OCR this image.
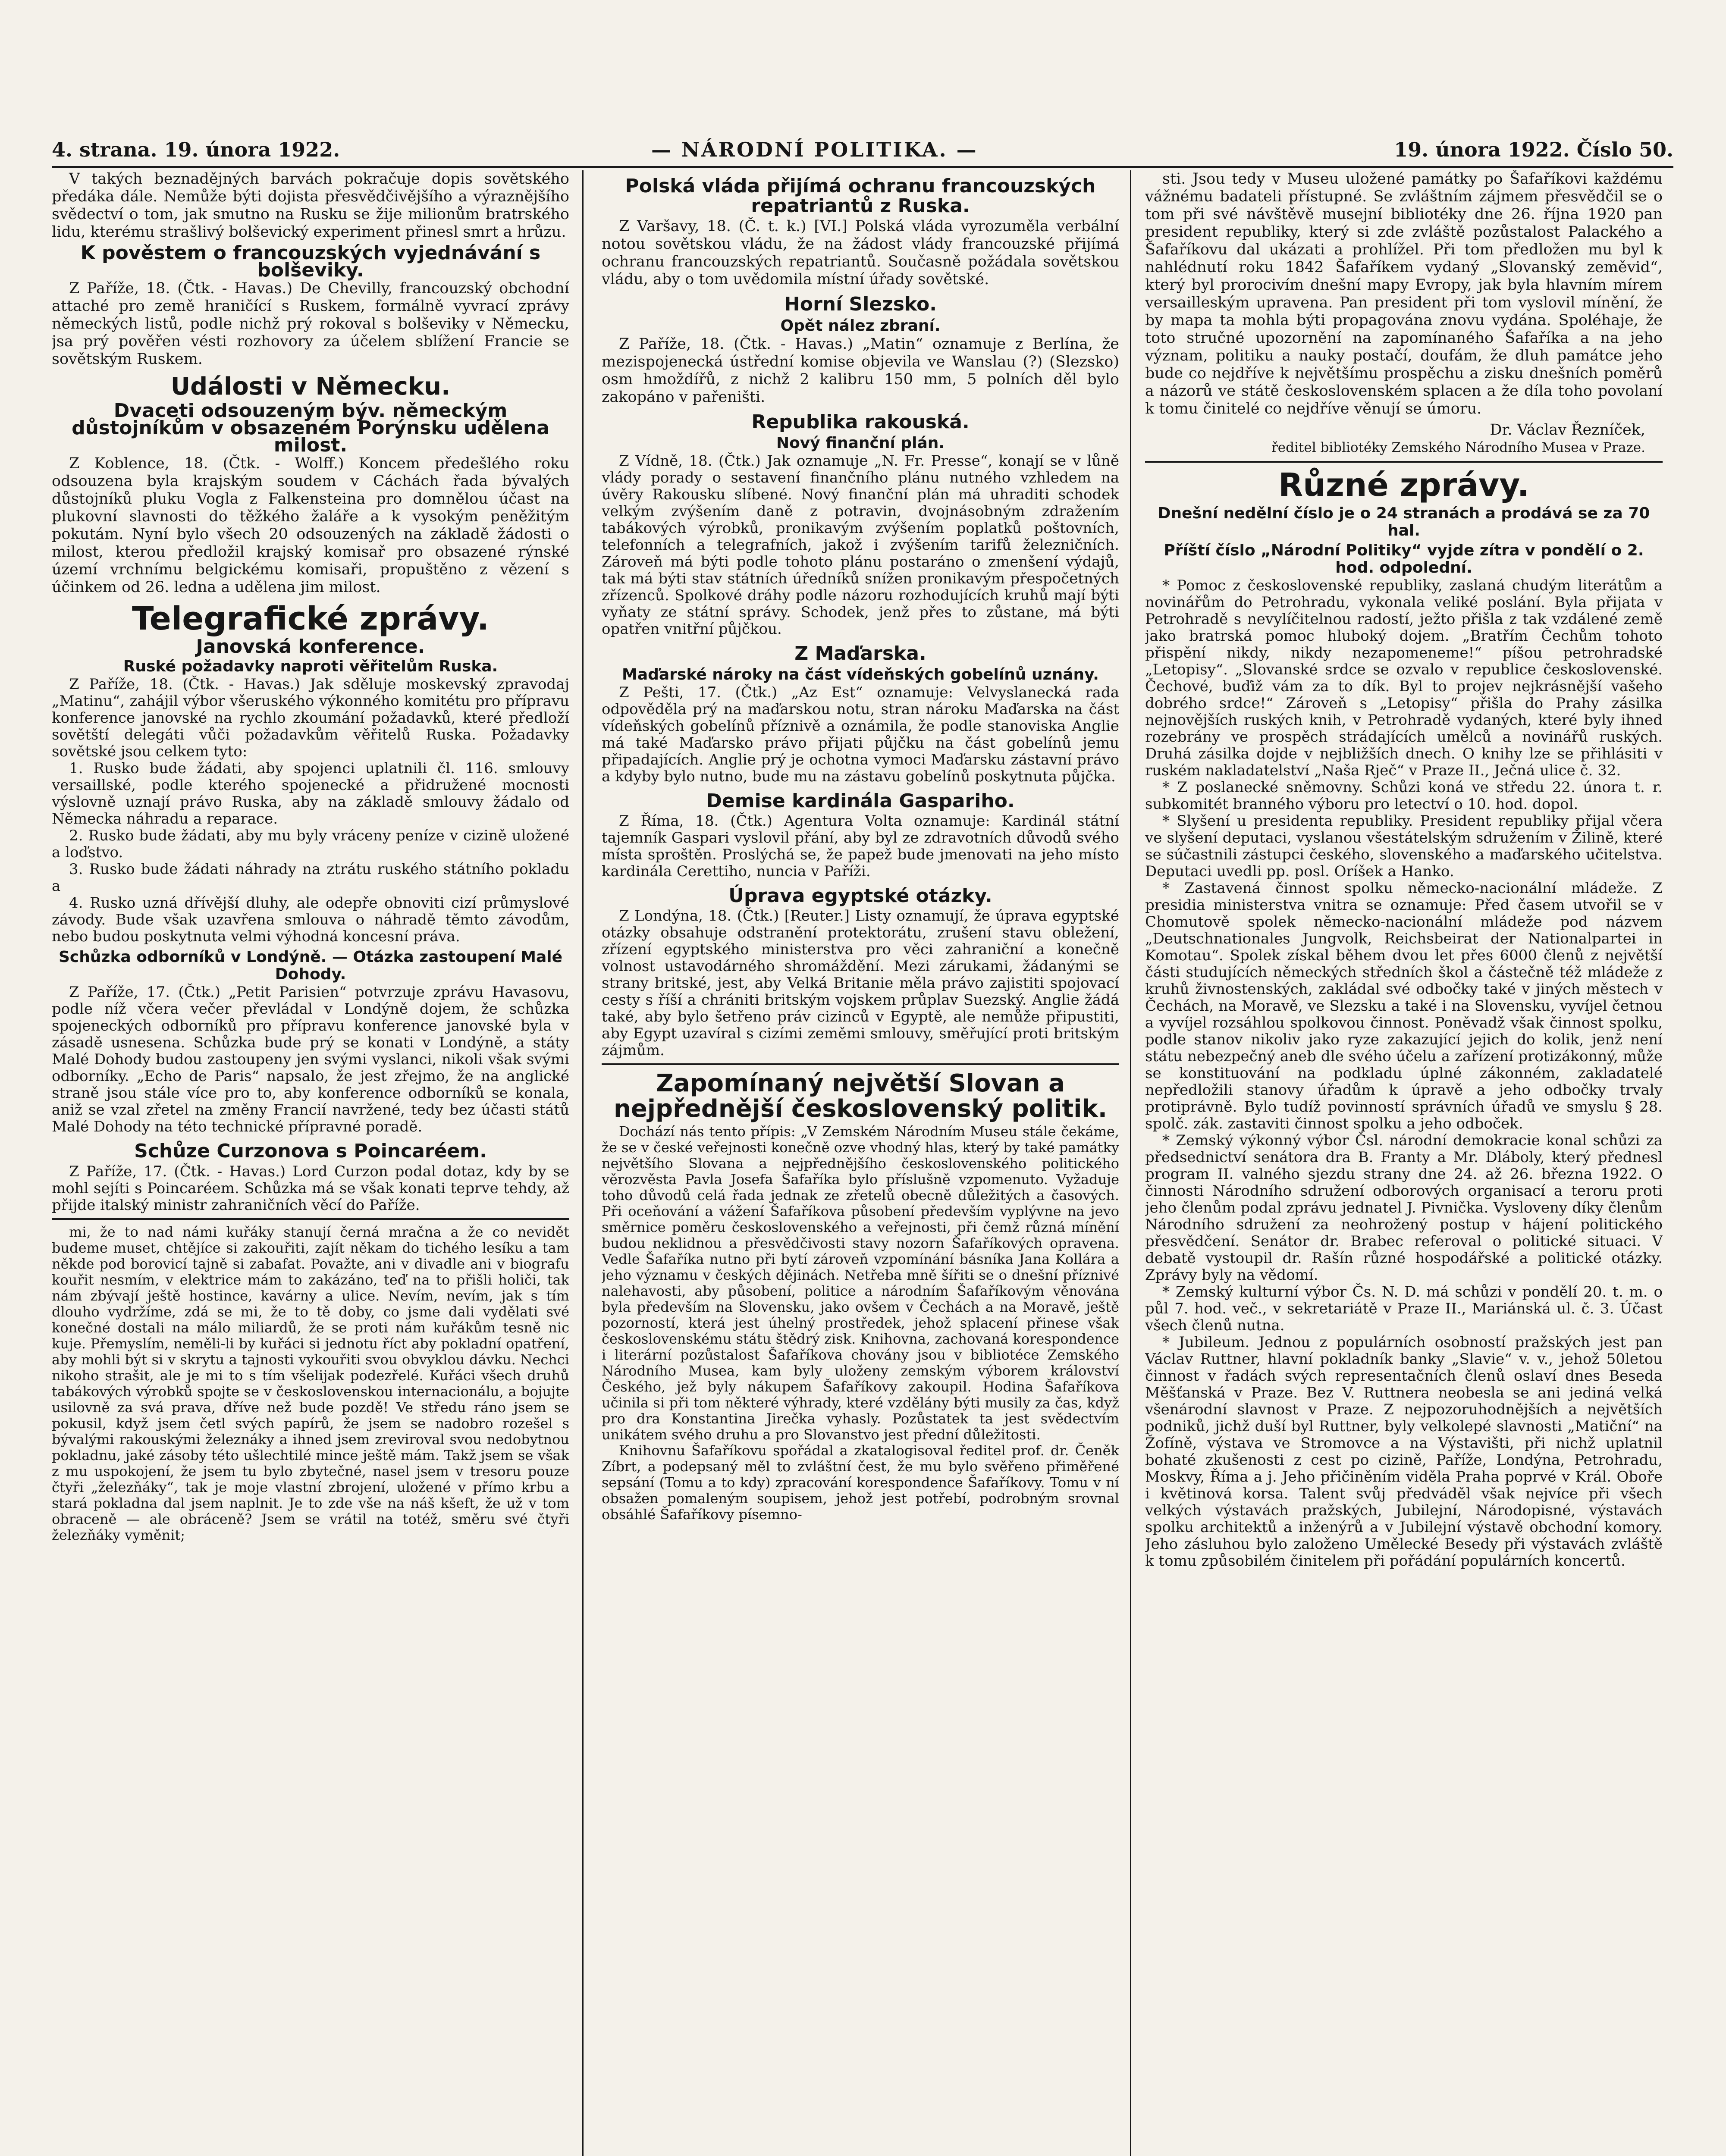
4. strana. 19. února 1922.	— NÁRODNÍ POLITIKA. —	19. února 1922. Číslo 50.

V takých beznadějných barvách pokračuje dopis sovětského předáka dále. Nemůže býti dojista přesvědčivějšího a výraznějšího svědectví o tom, jak smutno na Rusku se žije milionům bratrského lidu, kterému strašlivý bolševický experiment přinesl smrt a hrůzu.

K pověstem o francouzských vyjednávání s bolševiky.

Z Paříže, 18. (Čtk. - Havas.) De Chevilly, francouzský obchodní attaché pro země hraničící s Ruskem, formálně vyvrací zprávy německých listů, podle nichž prý rokoval s bolševiky v Německu, jsa prý pověřen vésti rozhovory za účelem sblížení Francie se sovětským Ruskem.

Události v Německu.
Dvaceti odsouzeným býv. německým důstojníkům v obsazeném Porýnsku udělena milost.

Z Koblence, 18. (Čtk. - Wolff.) Koncem předešlého roku odsouzena byla krajským soudem v Cáchách řada bývalých důstojníků pluku Vogla z Falkensteina pro domnělou účast na plukovní slavnosti do těžkého žaláře a k vysokým peněžitým pokutám. Nyní bylo všech 20 odsouzených na základě žádosti o milost, kterou předložil krajský komisař pro obsazené rýnské území vrchnímu belgickému komisaři, propuštěno z vězení s účinkem od 26. ledna a udělena jim milost.

Telegrafické zprávy.
Janovská konference.
Ruské požadavky naproti věřitelům Ruska.

Z Paříže, 18. (Čtk. - Havas.) Jak sděluje moskevský zpravodaj „Matinu“, zahájil výbor všeruského výkonného komitétu pro přípravu konference janovské na rychlo zkoumání požadavků, které předloží sovětští delegáti vůči požadavkům věřitelů Ruska. Požadavky sovětské jsou celkem tyto:

1. Rusko bude žádati, aby spojenci uplatnili čl. 116. smlouvy versaillské, podle kterého spojenecké a přidružené mocnosti výslovně uznají právo Ruska, aby na základě smlouvy žádalo od Německa náhradu a reparace.

2. Rusko bude žádati, aby mu byly vráceny peníze v cizině uložené a loďstvo.

3. Rusko bude žádati náhrady na ztrátu ruského státního pokladu a

4. Rusko uzná dřívější dluhy, ale odepře obnoviti cizí průmyslové závody. Bude však uzavřena smlouva o náhradě těmto závodům, nebo budou poskytnuta velmi výhodná koncesní práva.

Schůzka odborníků v Londýně. — Otázka zastoupení Malé Dohody.

Z Paříže, 17. (Čtk.) „Petit Parisien“ potvrzuje zprávu Havasovu, podle níž včera večer převládal v Londýně dojem, že schůzka spojeneckých odborníků pro přípravu konference janovské byla v zásadě usnesena. Schůzka bude prý se konati v Londýně, a státy Malé Dohody budou zastoupeny jen svými vyslanci, nikoli však svými odborníky. „Echo de Paris“ napsalo, že jest zřejmo, že na anglické straně jsou stále více pro to, aby konference odborníků se konala, aniž se vzal zřetel na změny Francií navržené, tedy bez účasti států Malé Dohody na této technické přípravné poradě.

Schůze Curzonova s Poincaréem.

Z Paříže, 17. (Čtk. - Havas.) Lord Curzon podal dotaz, kdy by se mohl sejíti s Poincaréem. Schůzka má se však konati teprve tehdy, až přijde italský ministr zahraničních věcí do Paříže.

mi, že to nad námi kuřáky stanují černá mračna a že co nevidět budeme muset, chtějíce si zakouřiti, zajít někam do tichého lesíku a tam někde pod borovicí tajně si zabafat. Považte, ani v divadle ani v biografu kouřit nesmím, v elektrice mám to zakázáno, teď na to přišli holiči, tak nám zbývají ještě hostince, kavárny a ulice. Nevím, nevím, jak s tím dlouho vydržíme, zdá se mi, že to tě doby, co jsme dali vydělati své konečné dostali na málo miliardů, že se proti nám kuřákům tesně nic kuje. Přemyslím, neměli-li by kuřáci si jednotu říct aby pokladní opatření, aby mohli být si v skrytu a tajnosti vykouřiti svou obvyklou dávku. Nechci nikoho strašit, ale je mi to s tím všelijak podezřelé. Kuřáci všech druhů tabákových výrobků spojte se v československou internacionálu, a bojujte usilovně za svá prava, dříve než bude pozdě! Ve středu ráno jsem se pokusil, když jsem četl svých papírů, že jsem se nadobro rozešel s bývalými rakouskými železnáky a ihned jsem zreviroval svou nedobytnou pokladnu, jaké zásoby této ušlechtilé mince ještě mám. Takž jsem se však z mu uspokojení, že jsem tu bylo zbytečné, nasel jsem v tresoru pouze čtyři „železňáky“, tak je moje vlastní zbrojení, uložené v přímo krbu a stará pokladna dal jsem naplnit. Je to zde vše na náš kšeft, že už v tom obraceně — ale obráceně? Jsem se vrátil na totéž, směru své čtyři železňáky vyměnit;

Polská vláda přijímá ochranu francouzských repatriantů z Ruska.

Z Varšavy, 18. (Č. t. k.) [VI.] Polská vláda vyrozuměla verbální notou sovětskou vládu, že na žádost vlády francouzské přijímá ochranu francouzských repatriantů. Současně požádala sovětskou vládu, aby o tom uvědomila místní úřady sovětské.

Horní Slezsko.
Opět nález zbraní.

Z Paříže, 18. (Čtk. - Havas.) „Matin“ oznamuje z Berlína, že mezispojenecká ústřední komise objevila ve Wanslau (?) (Slezsko) osm hmoždířů, z nichž 2 kalibru 150 mm, 5 polních děl bylo zakopáno v pařeništi.

Republika rakouská.
Nový finanční plán.

Z Vídně, 18. (Čtk.) Jak oznamuje „N. Fr. Presse“, konají se v lůně vlády porady o sestavení finančního plánu nutného vzhledem na úvěry Rakousku slíbené. Nový finanční plán má uhraditi schodek velkým zvýšením daně z potravin, dvojnásobným zdražením tabákových výrobků, pronikavým zvýšením poplatků poštovních, telefonních a telegrafních, jakož i zvýšením tarifů železničních. Zároveň má býti podle tohoto plánu postaráno o zmenšení výdajů, tak má býti stav státních úředníků snížen pronikavým přespočetných zřízenců. Spolkové dráhy podle názoru rozhodujících kruhů mají býti vyňaty ze státní správy. Schodek, jenž přes to zůstane, má býti opatřen vnitřní půjčkou.

Z Maďarska.
Maďarské nároky na část vídeňských gobelínů uznány.

Z Pešti, 17. (Čtk.) „Az Est“ oznamuje: Velvyslanecká rada odpověděla prý na maďarskou notu, stran nároku Maďarska na část vídeňských gobelínů příznivě a oznámila, že podle stanoviska Anglie má také Maďarsko právo přijati půjčku na část gobelínů jemu připadajících. Anglie prý je ochotna vymoci Maďarsku zástavní právo a kdyby bylo nutno, bude mu na zástavu gobelínů poskytnuta půjčka.

Demise kardinála Gaspariho.

Z Říma, 18. (Čtk.) Agentura Volta oznamuje: Kardinál státní tajemník Gaspari vyslovil přání, aby byl ze zdravotních důvodů svého místa sproštěn. Proslýchá se, že papež bude jmenovati na jeho místo kardinála Cerettiho, nuncia v Paříži.

Úprava egyptské otázky.

Z Londýna, 18. (Čtk.) [Reuter.] Listy oznamují, že úprava egyptské otázky obsahuje odstranění protektorátu, zrušení stavu obležení, zřízení egyptského ministerstva pro věci zahraniční a konečně volnost ustavodárného shromáždění. Mezi zárukami, žádanými se strany britské, jest, aby Velká Britanie měla právo zajistiti spojovací cesty s říší a chrániti britským vojskem průplav Suezský. Anglie žádá také, aby bylo šetřeno práv cizinců v Egyptě, ale nemůže připustiti, aby Egypt uzavíral s cizími zeměmi smlouvy, směřující proti britským zájmům.

Zapomínaný největší Slovan a nejpřednější československý politik.

Dochází nás tento přípis: „V Zemském Národním Museu stále čekáme, že se v české veřejnosti konečně ozve vhodný hlas, který by také památky největšího Slovana a nejpřednějšího československého politického věrozvěsta Pavla Josefa Šafaříka bylo příslušně vzpomenuto. Vyžaduje toho důvodů celá řada jednak ze zřetelů obecně důležitých a časových. Při oceňování a vážení Šafaříkova působení především vyplývne na jevo směrnice poměru československého a veřejnosti, při čemž různá mínění budou neklidnou a přesvědčivosti stavy nozorn Šafaříkových opravena. Vedle Šafaříka nutno při bytí zároveň vzpomínání básníka Jana Kollára a jeho významu v českých dějinách. Netřeba mně šířiti se o dnešní příznivé nalehavosti, aby působení, politice a národním Šafaříkovým věnována byla především na Slovensku, jako ovšem v Čechách a na Moravě, ještě pozorností, která jest úhelný prostředek, jehož splacení přinese však československému státu štědrý zisk. Knihovna, zachovaná korespondence i literární pozůstalost Šafaříkova chovány jsou v bibliotéce Zemského Národního Musea, kam byly uloženy zemským výborem království Českého, jež byly nákupem Šafaříkovy zakoupil. Hodina Šafaříkova učinila si při tom některé výhrady, které vzdělány býti musily za čas, když pro dra Konstantina Jirečka vyhasly. Pozůstatek ta jest svědectvím unikátem svého druhu a pro Slovanstvo jest přední důležitosti.

Knihovnu Šafaříkovu spořádal a zkatalogisoval ředitel prof. dr. Čeněk Zíbrt, a podepsaný měl to zvláštní čest, že mu bylo svěřeno přiměřené sepsání (Tomu a to kdy) zpracování korespondence Šafaříkovy. Tomu v ní obsažen pomaleným soupisem, jehož jest potřebí, podrobným srovnal obsáhlé Šafaříkovy písemno-

sti. Jsou tedy v Museu uložené památky po Šafaříkovi každému vážnému badateli přístupné. Se zvláštním zájmem přesvědčil se o tom při své návštěvě musejní bibliotéky dne 26. října 1920 pan president republiky, který si zde zvláště pozůstalost Palackého a Šafaříkovu dal ukázati a prohlížel. Při tom předložen mu byl k nahlédnutí roku 1842 Šafaříkem vydaný „Slovanský zeměvid“, který byl prorocivím dnešní mapy Evropy, jak byla hlavním mírem versailleským upravena. Pan president při tom vyslovil mínění, že by mapa ta mohla býti propagována znovu vydána. Spoléhaje, že toto stručné upozornění na zapomínaného Šafaříka a na jeho význam, politiku a nauky postačí, doufám, že dluh památce jeho bude co nejdříve k největšímu prospěchu a zisku dnešních poměrů a názorů ve státě československém splacen a že díla toho povolaní k tomu činitelé co nejdříve věnují se úmoru.

Dr. Václav Řezníček,
ředitel bibliotéky Zemského Národního Musea v Praze.
Různé zprávy.
Dnešní nedělní číslo je o 24 stranách a prodává se za 70 hal.
Příští číslo „Národní Politiky“ vyjde zítra v pondělí o 2. hod. odpolední.

* Pomoc z československé republiky, zaslaná chudým literátům a novinářům do Petrohradu, vykonala veliké poslání. Byla přijata v Petrohradě s nevylíčitelnou radostí, ježto přišla z tak vzdálené země jako bratrská pomoc hluboký dojem. „Bratřím Čechům tohoto přispění nikdy, nikdy nezapomeneme!“ píšou petrohradské „Letopisy“. „Slovanské srdce se ozvalo v republice československé. Čechové, buďiž vám za to dík. Byl to projev nejkrásnější vašeho dobrého srdce!“ Zároveň s „Letopisy“ přišla do Prahy zásilka nejnovějších ruských knih, v Petrohradě vydaných, které byly ihned rozebrány ve prospěch strádajících umělců a novinářů ruských. Druhá zásilka dojde v nejbližších dnech. O knihy lze se přihlásiti v ruském nakladatelství „Naša Rječ“ v Praze II., Ječná ulice č. 32.

* Z poslanecké sněmovny. Schůzi koná ve středu 22. února t. r. subkomitét branného výboru pro letectví o 10. hod. dopol.

* Slyšení u presidenta republiky. President republiky přijal včera ve slyšení deputaci, vyslanou všestátelským sdružením v Žilině, které se súčastnili zástupci českého, slovenského a maďarského učitelstva. Deputaci uvedli pp. posl. Oríšek a Hanko.

* Zastavená činnost spolku německo-nacionální mládeže. Z presidia ministerstva vnitra se oznamuje: Před časem utvořil se v Chomutově spolek německo-nacionální mládeže pod názvem „Deutschnationales Jungvolk, Reichsbeirat der Nationalpartei in Komotau“. Spolek získal během dvou let přes 6000 členů z největší části studujících německých středních škol a částečně též mládeže z kruhů živnostenských, zakládal své odbočky také v jiných městech v Čechách, na Moravě, ve Slezsku a také i na Slovensku, vyvíjel četnou a vyvíjel rozsáhlou spolkovou činnost. Poněvadž však činnost spolku, podle stanov nikoliv jako ryze zakazující jejich do kolik, jenž není státu nebezpečný aneb dle svého účelu a zařízení protizákonný, může se konstituování na podkladu úplné zákonném, zakladatelé nepředložili stanovy úřadům k úpravě a jeho odbočky trvaly protiprávně. Bylo tudíž povinností správních úřadů ve smyslu § 28. spolč. zák. zastaviti činnost spolku a jeho odboček.

* Zemský výkonný výbor Čsl. národní demokracie konal schůzi za předsednictví senátora dra B. Franty a Mr. Dláboly, který přednesl program II. valného sjezdu strany dne 24. až 26. března 1922. O činnosti Národního sdružení odborových organisací a teroru proti jeho členům podal zprávu jednatel J. Pivnička. Vysloveny díky členům Národního sdružení za neohrožený postup v hájení politického přesvědčení. Senátor dr. Brabec referoval o politické situaci. V debatě vystoupil dr. Rašín různé hospodářské a politické otázky. Zprávy byly na vědomí.

* Zemský kulturní výbor Čs. N. D. má schůzi v pondělí 20. t. m. o půl 7. hod. več., v sekretariátě v Praze II., Mariánská ul. č. 3. Účast všech členů nutna.

* Jubileum. Jednou z populárních osobností pražských jest pan Václav Ruttner, hlavní pokladník banky „Slavie“ v. v., jehož 50letou činnost v řadách svých representačních členů oslaví dnes Beseda Měšťanská v Praze. Bez V. Ruttnera neobesla se ani jediná velká všenárodní slavnost v Praze. Z nejpozoruhodnějších a největších podniků, jichž duší byl Ruttner, byly velkolepé slavnosti „Matiční“ na Žofíně, výstava ve Stromovce a na Výstavišti, při nichž uplatnil bohaté zkušenosti z cest po cizině, Paříže, Londýna, Petrohradu, Moskvy, Říma a j. Jeho přičiněním viděla Praha poprvé v Král. Oboře i květinová korsa. Talent svůj předváděl však nejvíce při všech velkých výstavách pražských, Jubilejní, Národopisné, výstavách spolku architektů a inženýrů a v Jubilejní výstavě obchodní komory. Jeho zásluhou bylo založeno Umělecké Besedy při výstavách zvláště k tomu způsobilém činitelem při pořádání populárních koncertů.
